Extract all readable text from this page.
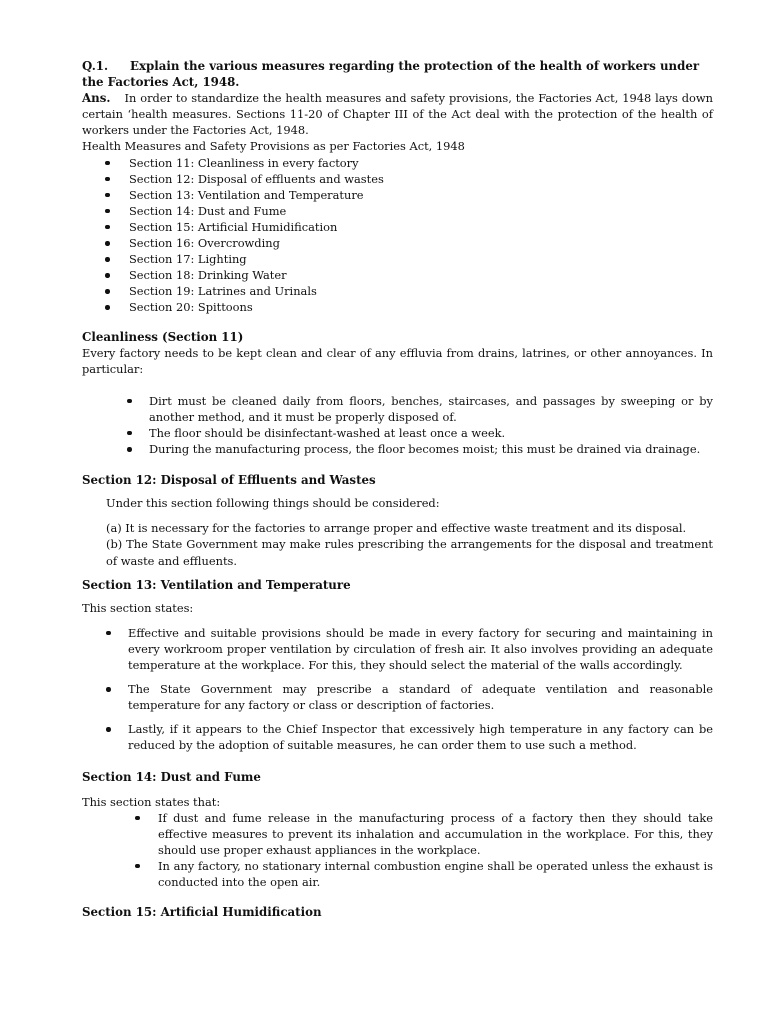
Q.1.	Explain the various measures regarding the protection of the health of workers under

the Factories Act, 1948.

Ans. In order to standardize the health measures and safety provisions, the Factories Act, 1948 lays down certain ‘health measures. Sections 11-20 of Chapter III of the Act deal with the protection of the health of workers under the Factories Act, 1948.

Health Measures and Safety Provisions as per Factories Act, 1948

Section 11: Cleanliness in every factory
Section 12: Disposal of effluents and wastes
Section 13: Ventilation and Temperature
Section 14: Dust and Fume
Section 15: Artificial Humidification
Section 16: Overcrowding
Section 17: Lighting
Section 18: Drinking Water
Section 19: Latrines and Urinals
Section 20: Spittoons

Cleanliness (Section 11)

Every factory needs to be kept clean and clear of any effluvia from drains, latrines, or other annoyances. In particular:

Dirt must be cleaned daily from floors, benches, staircases, and passages by sweeping or by another method, and it must be properly disposed of.
The floor should be disinfectant-washed at least once a week.
During the manufacturing process, the floor becomes moist; this must be drained via drainage.

Section 12: Disposal of Effluents and Wastes

Under this section following things should be considered:

(a) It is necessary for the factories to arrange proper and effective waste treatment and its disposal.

(b) The State Government may make rules prescribing the arrangements for the disposal and treatment of waste and effluents.

Section 13: Ventilation and Temperature

This section states:

Effective and suitable provisions should be made in every factory for securing and maintaining in every workroom proper ventilation by circulation of fresh air. It also involves providing an adequate temperature at the workplace. For this, they should select the material of the walls accordingly.
The State Government may prescribe a standard of adequate ventilation and reasonable temperature for any factory or class or description of factories.
Lastly, if it appears to the Chief Inspector that excessively high temperature in any factory can be reduced by the adoption of suitable measures, he can order them to use such a method.

Section 14: Dust and Fume

This section states that:

If dust and fume release in the manufacturing process of a factory then they should take effective measures to prevent its inhalation and accumulation in the workplace. For this, they should use proper exhaust appliances in the workplace.
In any factory, no stationary internal combustion engine shall be operated unless the exhaust is conducted into the open air.

Section 15: Artificial Humidification
